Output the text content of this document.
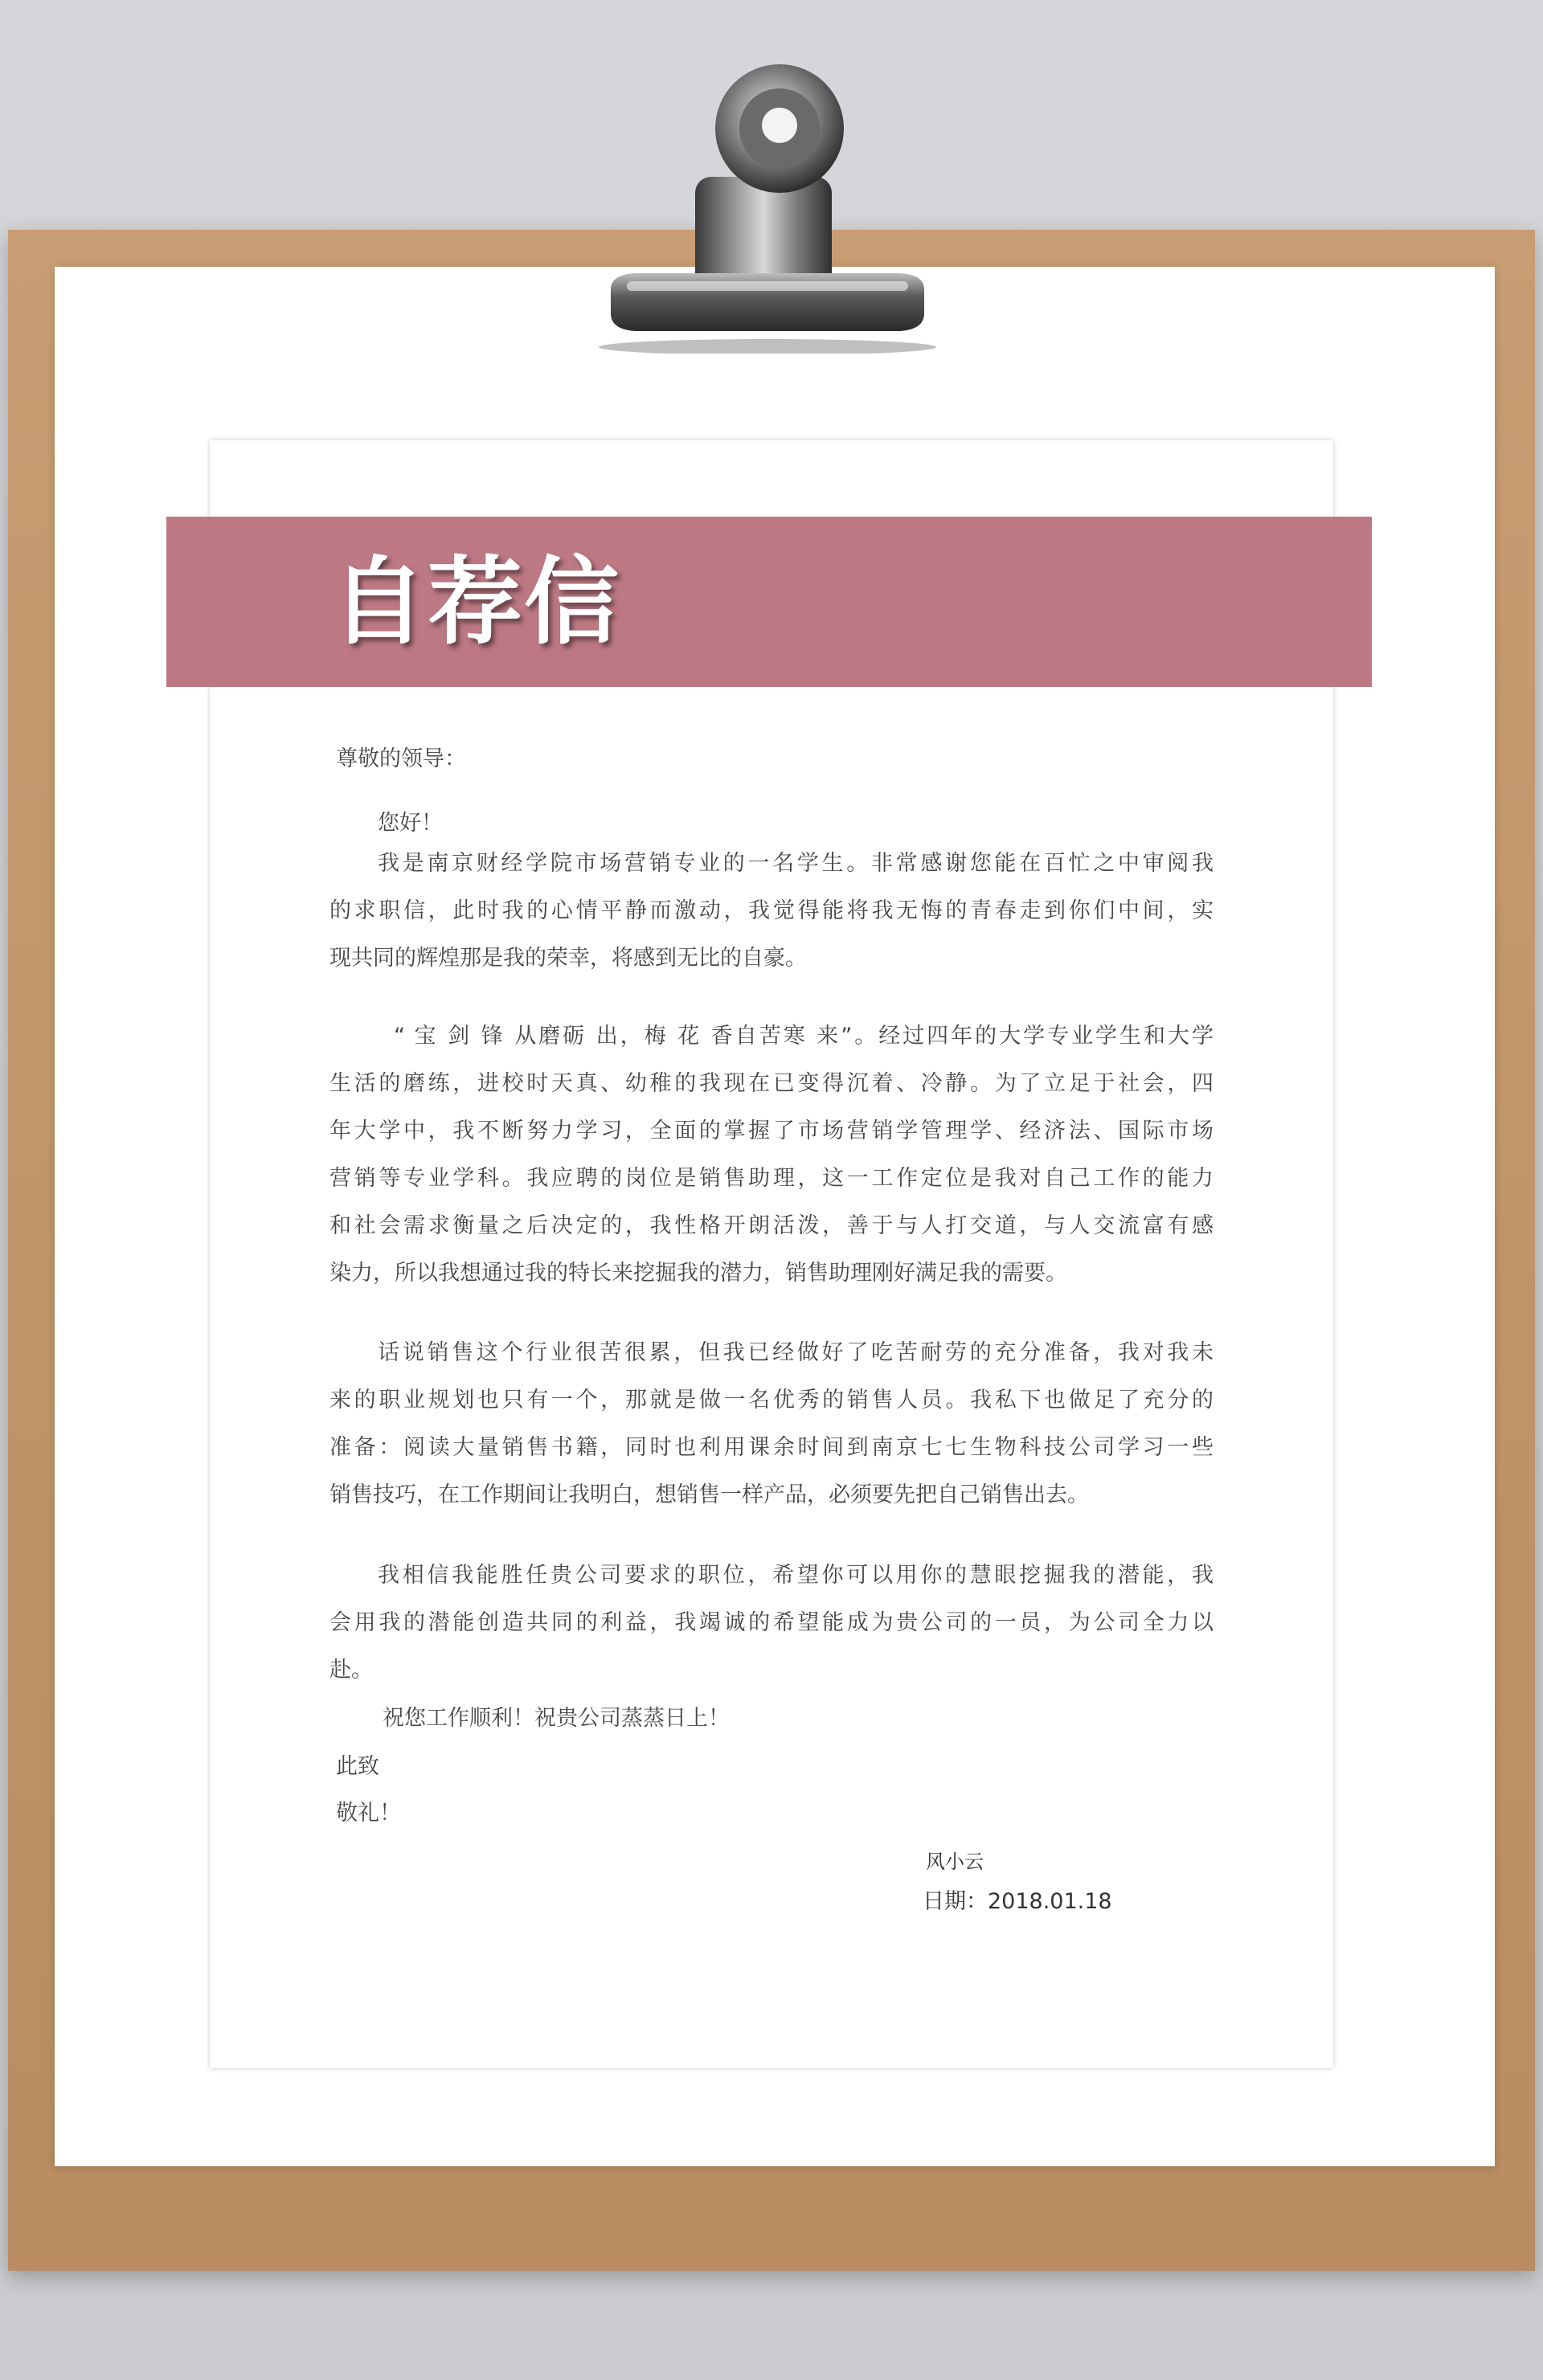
自荐信
尊敬的领导：
您好！
我是南京财经学院市场营销专业的一名学生。非常感谢您能在百忙之中审阅我
的求职信，此时我的心情平静而激动，我觉得能将我无悔的青春走到你们中间，实
现共同的辉煌那是我的荣幸，将感到无比的自豪。
“ 宝 剑 锋 从磨砺 出，梅 花 香自苦寒 来”。经过四年的大学专业学生和大学
生活的磨练，进校时天真、幼稚的我现在已变得沉着、冷静。为了立足于社会，四
年大学中，我不断努力学习，全面的掌握了市场营销学管理学、经济法、国际市场
营销等专业学科。我应聘的岗位是销售助理，这一工作定位是我对自己工作的能力
和社会需求衡量之后决定的，我性格开朗活泼，善于与人打交道，与人交流富有感
染力，所以我想通过我的特长来挖掘我的潜力，销售助理刚好满足我的需要。
话说销售这个行业很苦很累，但我已经做好了吃苦耐劳的充分准备，我对我未
来的职业规划也只有一个，那就是做一名优秀的销售人员。我私下也做足了充分的
准备：阅读大量销售书籍，同时也利用课余时间到南京七七生物科技公司学习一些
销售技巧，在工作期间让我明白，想销售一样产品，必须要先把自己销售出去。
我相信我能胜任贵公司要求的职位，希望你可以用你的慧眼挖掘我的潜能，我
会用我的潜能创造共同的利益，我竭诚的希望能成为贵公司的一员，为公司全力以
赴。
祝您工作顺利！祝贵公司蒸蒸日上！
此致
敬礼！
风小云
日期：2018.01.18
